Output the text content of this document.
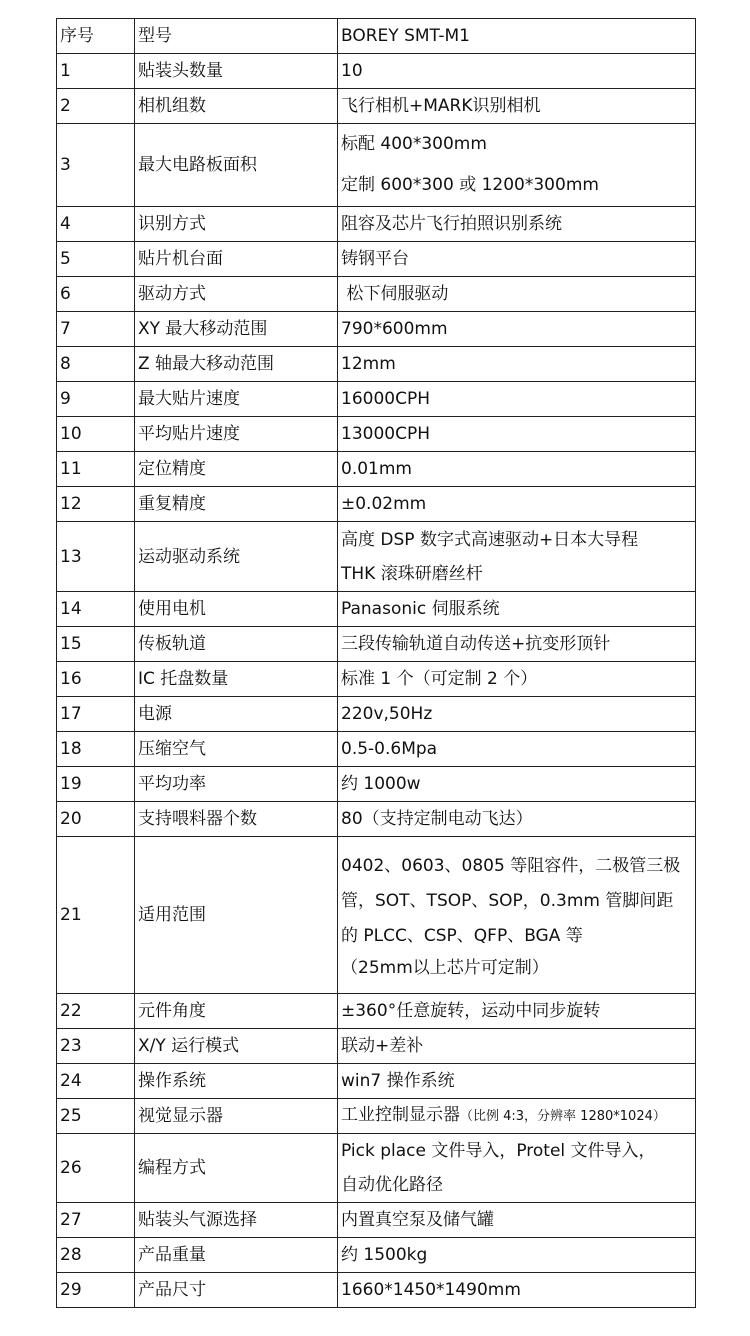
序号	型号	BOREY SMT-M1
1	贴装头数量	10
2	相机组数	飞行相机+MARK识别相机
3	最大电路板面积	标配 400*300mm
定制 600*300 或 1200*300mm

4	识别方式	阻容及芯片飞行拍照识别系统
5	贴片机台面	铸钢平台
6	驱动方式	松下伺服驱动
7	XY 最大移动范围	790*600mm
8	Z 轴最大移动范围	12mm
9	最大贴片速度	16000CPH
10	平均贴片速度	13000CPH
11	定位精度	0.01mm
12	重复精度	±0.02mm
13	运动驱动系统	高度 DSP 数字式高速驱动+日本大导程
THK 滚珠研磨丝杆

14	使用电机	Panasonic 伺服系统
15	传板轨道	三段传输轨道自动传送+抗变形顶针
16	IC 托盘数量	标准 1 个（可定制 2 个）
17	电源	220v,50Hz
18	压缩空气	0.5-0.6Mpa
19	平均功率	约 1000w
20	支持喂料器个数	80（支持定制电动飞达）
21	适用范围	0402、0603、0805 等阻容件，二极管三极
管，SOT、TSOP、SOP，0.3mm 管脚间距
的 PLCC、CSP、QFP、BGA 等
（25mm以上芯片可定制）

22	元件角度	±360°任意旋转，运动中同步旋转
23	X/Y 运行模式	联动+差补
24	操作系统	win7 操作系统
25	视觉显示器	工业控制显示器（比例 4:3，分辨率 1280*1024）
26	编程方式	Pick place 文件导入，Protel 文件导入，
自动优化路径

27	贴装头气源选择	内置真空泵及储气罐
28	产品重量	约 1500kg
29	产品尺寸	1660*1450*1490mm
